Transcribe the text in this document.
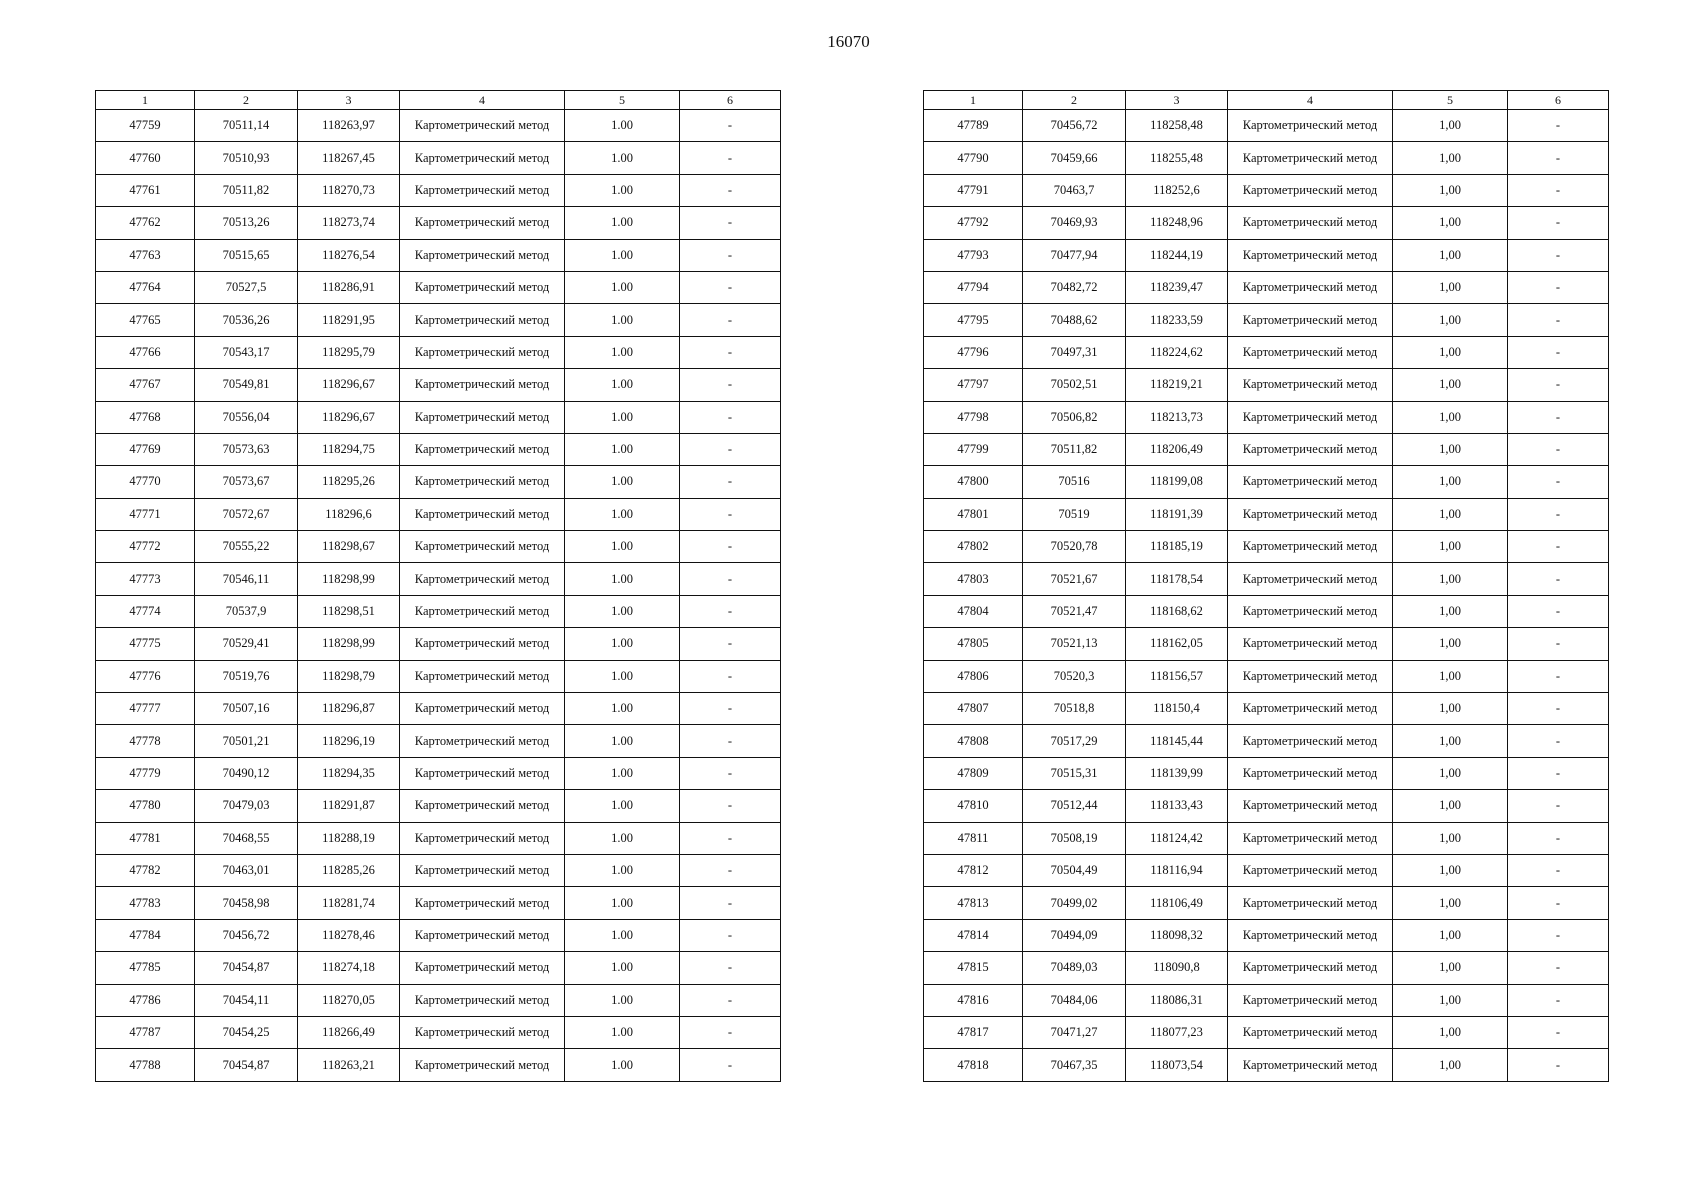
16070
1	2	3	4	5	6
47759	70511,14	118263,97	Картометрический метод	1.00	-
47760	70510,93	118267,45	Картометрический метод	1.00	-
47761	70511,82	118270,73	Картометрический метод	1.00	-
47762	70513,26	118273,74	Картометрический метод	1.00	-
47763	70515,65	118276,54	Картометрический метод	1.00	-
47764	70527,5	118286,91	Картометрический метод	1.00	-
47765	70536,26	118291,95	Картометрический метод	1.00	-
47766	70543,17	118295,79	Картометрический метод	1.00	-
47767	70549,81	118296,67	Картометрический метод	1.00	-
47768	70556,04	118296,67	Картометрический метод	1.00	-
47769	70573,63	118294,75	Картометрический метод	1.00	-
47770	70573,67	118295,26	Картометрический метод	1.00	-
47771	70572,67	118296,6	Картометрический метод	1.00	-
47772	70555,22	118298,67	Картометрический метод	1.00	-
47773	70546,11	118298,99	Картометрический метод	1.00	-
47774	70537,9	118298,51	Картометрический метод	1.00	-
47775	70529,41	118298,99	Картометрический метод	1.00	-
47776	70519,76	118298,79	Картометрический метод	1.00	-
47777	70507,16	118296,87	Картометрический метод	1.00	-
47778	70501,21	118296,19	Картометрический метод	1.00	-
47779	70490,12	118294,35	Картометрический метод	1.00	-
47780	70479,03	118291,87	Картометрический метод	1.00	-
47781	70468,55	118288,19	Картометрический метод	1.00	-
47782	70463,01	118285,26	Картометрический метод	1.00	-
47783	70458,98	118281,74	Картометрический метод	1.00	-
47784	70456,72	118278,46	Картометрический метод	1.00	-
47785	70454,87	118274,18	Картометрический метод	1.00	-
47786	70454,11	118270,05	Картометрический метод	1.00	-
47787	70454,25	118266,49	Картометрический метод	1.00	-
47788	70454,87	118263,21	Картометрический метод	1.00	-
1	2	3	4	5	6
47789	70456,72	118258,48	Картометрический метод	1,00	-
47790	70459,66	118255,48	Картометрический метод	1,00	-
47791	70463,7	118252,6	Картометрический метод	1,00	-
47792	70469,93	118248,96	Картометрический метод	1,00	-
47793	70477,94	118244,19	Картометрический метод	1,00	-
47794	70482,72	118239,47	Картометрический метод	1,00	-
47795	70488,62	118233,59	Картометрический метод	1,00	-
47796	70497,31	118224,62	Картометрический метод	1,00	-
47797	70502,51	118219,21	Картометрический метод	1,00	-
47798	70506,82	118213,73	Картометрический метод	1,00	-
47799	70511,82	118206,49	Картометрический метод	1,00	-
47800	70516	118199,08	Картометрический метод	1,00	-
47801	70519	118191,39	Картометрический метод	1,00	-
47802	70520,78	118185,19	Картометрический метод	1,00	-
47803	70521,67	118178,54	Картометрический метод	1,00	-
47804	70521,47	118168,62	Картометрический метод	1,00	-
47805	70521,13	118162,05	Картометрический метод	1,00	-
47806	70520,3	118156,57	Картометрический метод	1,00	-
47807	70518,8	118150,4	Картометрический метод	1,00	-
47808	70517,29	118145,44	Картометрический метод	1,00	-
47809	70515,31	118139,99	Картометрический метод	1,00	-
47810	70512,44	118133,43	Картометрический метод	1,00	-
47811	70508,19	118124,42	Картометрический метод	1,00	-
47812	70504,49	118116,94	Картометрический метод	1,00	-
47813	70499,02	118106,49	Картометрический метод	1,00	-
47814	70494,09	118098,32	Картометрический метод	1,00	-
47815	70489,03	118090,8	Картометрический метод	1,00	-
47816	70484,06	118086,31	Картометрический метод	1,00	-
47817	70471,27	118077,23	Картометрический метод	1,00	-
47818	70467,35	118073,54	Картометрический метод	1,00	-
